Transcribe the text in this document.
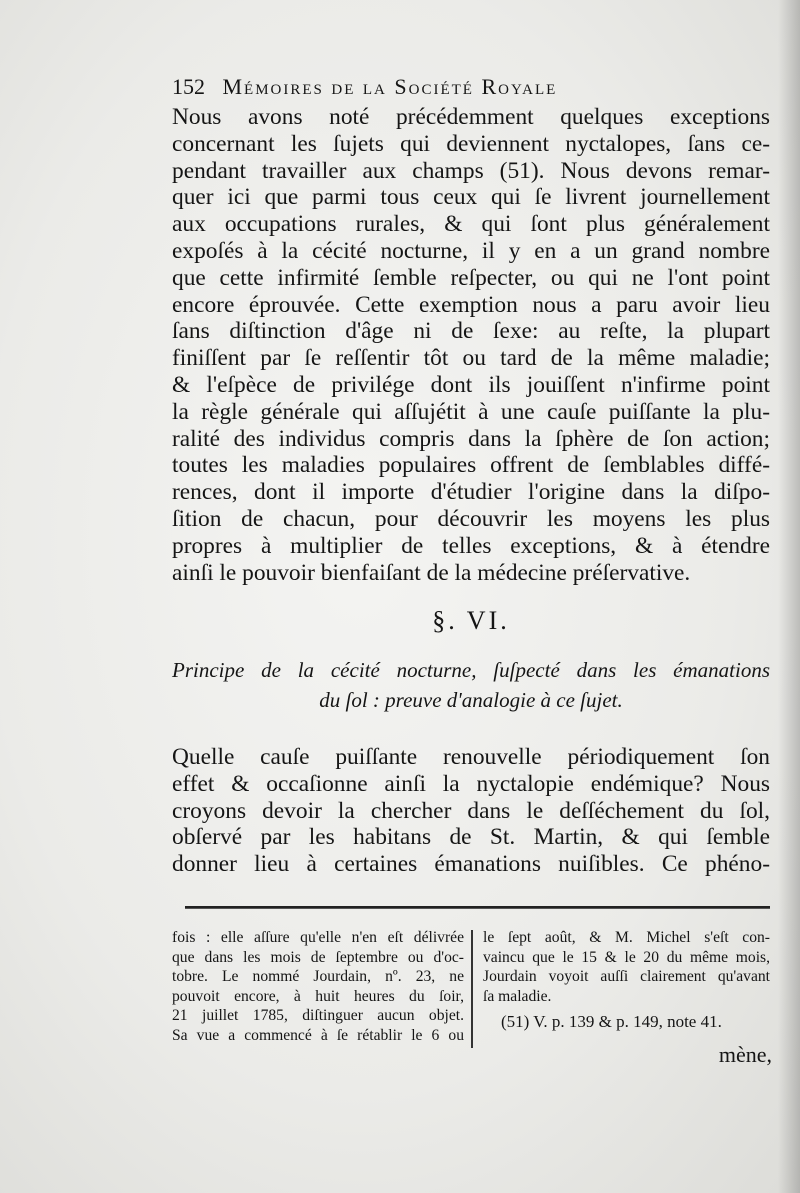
152 Mémoires de la Société Royale
Nous avons noté précédemment quelques exceptions
concernant les ſujets qui deviennent nyctalopes, ſans ce-
pendant travailler aux champs (51). Nous devons remar-
quer ici que parmi tous ceux qui ſe livrent journellement
aux occupations rurales, & qui ſont plus généralement
expoſés à la cécité nocturne, il y en a un grand nombre
que cette infirmité ſemble reſpecter, ou qui ne l'ont point
encore éprouvée. Cette exemption nous a paru avoir lieu
ſans diſtinction d'âge ni de ſexe: au reſte, la plupart
finiſſent par ſe reſſentir tôt ou tard de la même maladie;
& l'eſpèce de privilége dont ils jouiſſent n'infirme point
la règle générale qui aſſujétit à une cauſe puiſſante la plu-
ralité des individus compris dans la ſphère de ſon action;
toutes les maladies populaires offrent de ſemblables diffé-
rences, dont il importe d'étudier l'origine dans la diſpo-
ſition de chacun, pour découvrir les moyens les plus
propres à multiplier de telles exceptions, & à étendre
ainſi le pouvoir bienfaiſant de la médecine préſervative.
§. VI.
Principe de la cécité nocturne, ſuſpecté dans les émanations
du ſol : preuve d'analogie à ce ſujet.
Quelle cauſe puiſſante renouvelle périodiquement ſon
effet & occaſionne ainſi la nyctalopie endémique? Nous
croyons devoir la chercher dans le deſſéchement du ſol,
obſervé par les habitans de St. Martin, & qui ſemble
donner lieu à certaines émanations nuiſibles. Ce phéno-
fois : elle aſſure qu'elle n'en eſt délivrée
que dans les mois de ſeptembre ou d'oc-
tobre. Le nommé Jourdain, nº. 23, ne
pouvoit encore, à huit heures du ſoir,
21 juillet 1785, diſtinguer aucun objet.
Sa vue a commencé à ſe rétablir le 6 ou
le ſept août, & M. Michel s'eſt con-
vaincu que le 15 & le 20 du même mois,
Jourdain voyoit auſſi clairement qu'avant
ſa maladie.
(51) V. p. 139 & p. 149, note 41.
mène,
